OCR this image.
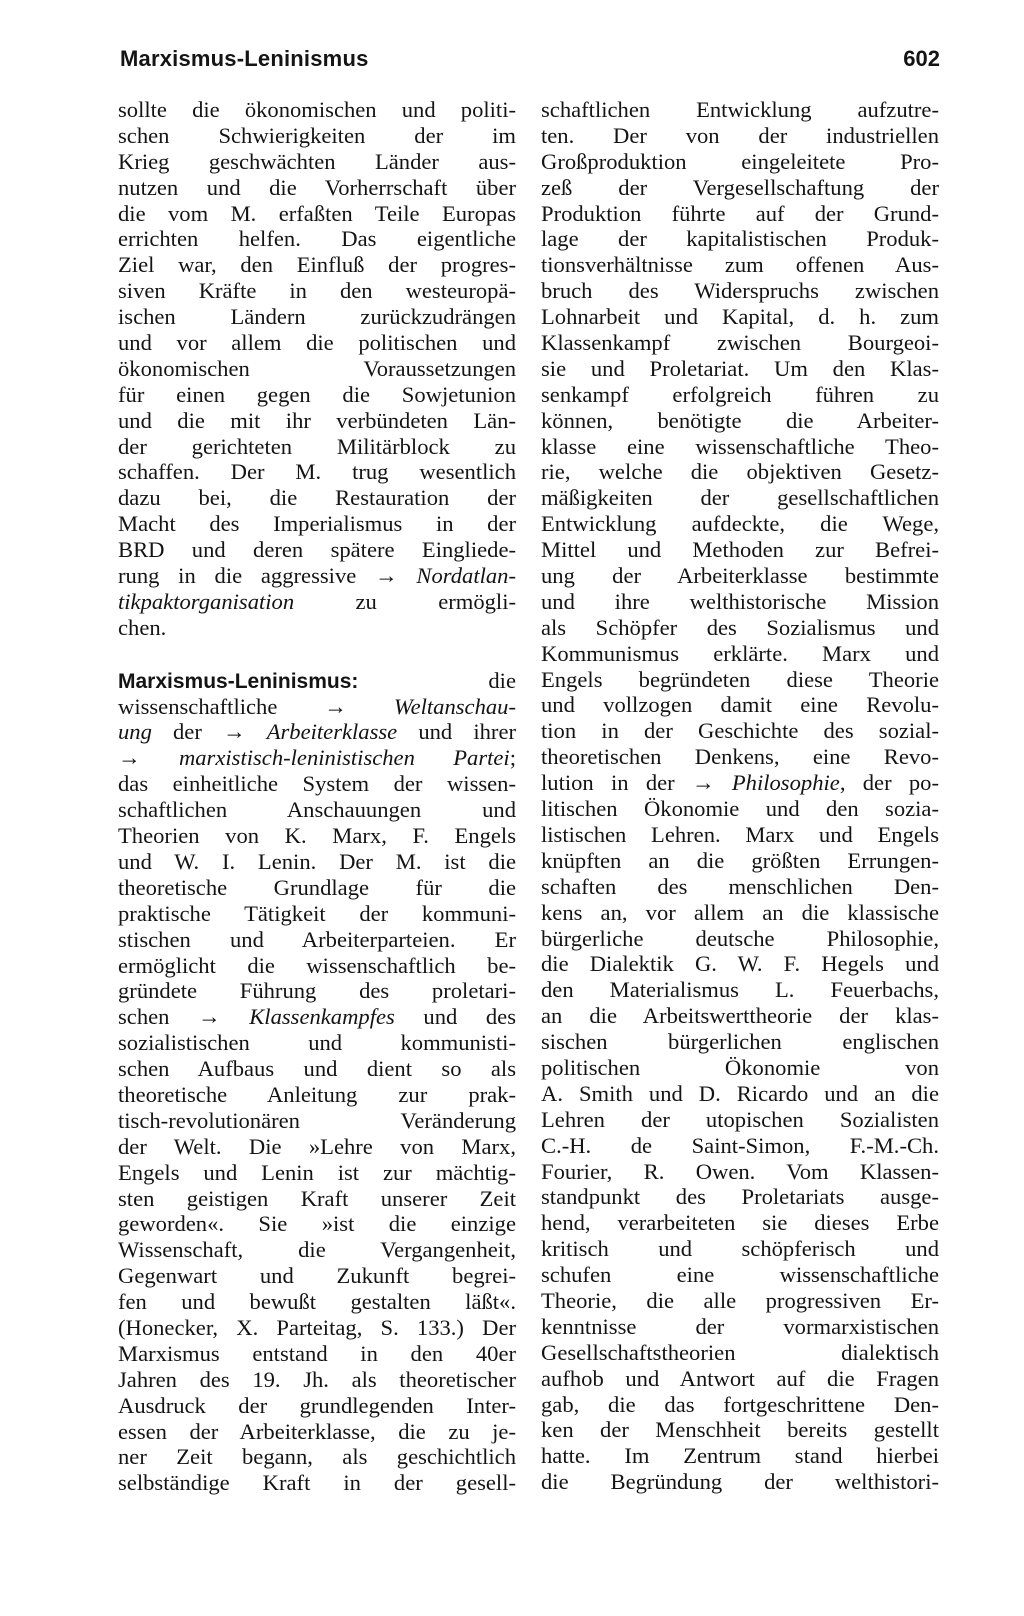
Marxismus-Leninismus	602
sollte die ökonomischen und politi-
schen Schwierigkeiten der im
Krieg geschwächten Länder aus-
nutzen und die Vorherrschaft über
die vom M. erfaßten Teile Europas
errichten helfen. Das eigentliche
Ziel war, den Einfluß der progres-
siven Kräfte in den westeuropä-
ischen Ländern zurückzudrängen
und vor allem die politischen und
ökonomischen Voraussetzungen
für einen gegen die Sowjetunion
und die mit ihr verbündeten Län-
der gerichteten Militärblock zu
schaffen. Der M. trug wesentlich
dazu bei, die Restauration der
Macht des Imperialismus in der
BRD und deren spätere Eingliede-
rung in die aggressive → Nordatlan-
tikpaktorganisation zu ermögli-
chen.
Marxismus-Leninismus: die
wissenschaftliche → Weltanschau-
ung der → Arbeiterklasse und ihrer
→ marxistisch-leninistischen Partei;
das einheitliche System der wissen-
schaftlichen Anschauungen und
Theorien von K. Marx, F. Engels
und W. I. Lenin. Der M. ist die
theoretische Grundlage für die
praktische Tätigkeit der kommuni-
stischen und Arbeiterparteien. Er
ermöglicht die wissenschaftlich be-
gründete Führung des proletari-
schen → Klassenkampfes und des
sozialistischen und kommunisti-
schen Aufbaus und dient so als
theoretische Anleitung zur prak-
tisch-revolutionären Veränderung
der Welt. Die »Lehre von Marx,
Engels und Lenin ist zur mächtig-
sten geistigen Kraft unserer Zeit
geworden«. Sie »ist die einzige
Wissenschaft, die Vergangenheit,
Gegenwart und Zukunft begrei-
fen und bewußt gestalten läßt«.
(Honecker, X. Parteitag, S. 133.) Der
Marxismus entstand in den 40er
Jahren des 19. Jh. als theoretischer
Ausdruck der grundlegenden Inter-
essen der Arbeiterklasse, die zu je-
ner Zeit begann, als geschichtlich
selbständige Kraft in der gesell-
schaftlichen Entwicklung aufzutre-
ten. Der von der industriellen
Großproduktion eingeleitete Pro-
zeß der Vergesellschaftung der
Produktion führte auf der Grund-
lage der kapitalistischen Produk-
tionsverhältnisse zum offenen Aus-
bruch des Widerspruchs zwischen
Lohnarbeit und Kapital, d. h. zum
Klassenkampf zwischen Bourgeoi-
sie und Proletariat. Um den Klas-
senkampf erfolgreich führen zu
können, benötigte die Arbeiter-
klasse eine wissenschaftliche Theo-
rie, welche die objektiven Gesetz-
mäßigkeiten der gesellschaftlichen
Entwicklung aufdeckte, die Wege,
Mittel und Methoden zur Befrei-
ung der Arbeiterklasse bestimmte
und ihre welthistorische Mission
als Schöpfer des Sozialismus und
Kommunismus erklärte. Marx und
Engels begründeten diese Theorie
und vollzogen damit eine Revolu-
tion in der Geschichte des sozial-
theoretischen Denkens, eine Revo-
lution in der → Philosophie, der po-
litischen Ökonomie und den sozia-
listischen Lehren. Marx und Engels
knüpften an die größten Errungen-
schaften des menschlichen Den-
kens an, vor allem an die klassische
bürgerliche deutsche Philosophie,
die Dialektik G. W. F. Hegels und
den Materialismus L. Feuerbachs,
an die Arbeitswerttheorie der klas-
sischen bürgerlichen englischen
politischen Ökonomie von
A. Smith und D. Ricardo und an die
Lehren der utopischen Sozialisten
C.-H. de Saint-Simon, F.-M.-Ch.
Fourier, R. Owen. Vom Klassen-
standpunkt des Proletariats ausge-
hend, verarbeiteten sie dieses Erbe
kritisch und schöpferisch und
schufen eine wissenschaftliche
Theorie, die alle progressiven Er-
kenntnisse der vormarxistischen
Gesellschaftstheorien dialektisch
aufhob und Antwort auf die Fragen
gab, die das fortgeschrittene Den-
ken der Menschheit bereits gestellt
hatte. Im Zentrum stand hierbei
die Begründung der welthistori-
